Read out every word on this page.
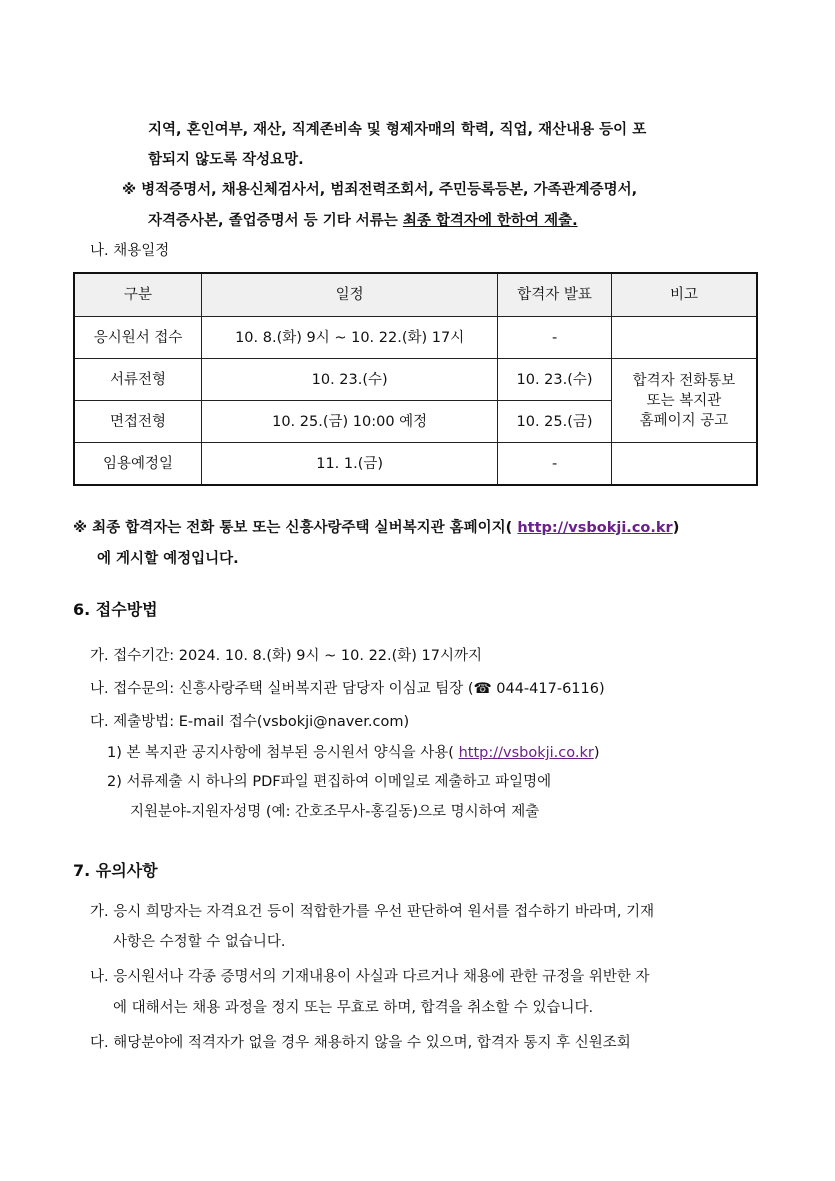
지역, 혼인여부, 재산, 직계존비속 및 형제자매의 학력, 직업, 재산내용 등이 포
함되지 않도록 작성요망.
※ 병적증명서, 채용신체검사서, 범죄전력조회서, 주민등록등본, 가족관계증명서,
자격증사본, 졸업증명서 등 기타 서류는 최종 합격자에 한하여 제출.
나. 채용일정
구분	일정	합격자 발표	비고
응시원서 접수	10. 8.(화) 9시 ~ 10. 22.(화) 17시	-	
서류전형	10. 23.(수)	10. 23.(수)	합격자 전화통보
또는 복지관
홈페이지 공고

면접전형	10. 25.(금) 10:00 예정	10. 25.(금)	
임용예정일	11. 1.(금)	-	
※ 최종 합격자는 전화 통보 또는 신흥사랑주택 실버복지관 홈페이지( http://vsbokji.co.kr)
에 게시할 예정입니다.
6. 접수방법
가. 접수기간: 2024. 10. 8.(화) 9시 ~ 10. 22.(화) 17시까지
나. 접수문의: 신흥사랑주택 실버복지관 담당자 이심교 팀장 (☎ 044-417-6116)
다. 제출방법: E-mail 접수(vsbokji@naver.com)
1) 본 복지관 공지사항에 첨부된 응시원서 양식을 사용( http://vsbokji.co.kr)
2) 서류제출 시 하나의 PDF파일 편집하여 이메일로 제출하고 파일명에
지원분야-지원자성명 (예: 간호조무사-홍길동)으로 명시하여 제출
7. 유의사항
가. 응시 희망자는 자격요건 등이 적합한가를 우선 판단하여 원서를 접수하기 바라며, 기재
사항은 수정할 수 없습니다.
나. 응시원서나 각종 증명서의 기재내용이 사실과 다르거나 채용에 관한 규정을 위반한 자
에 대해서는 채용 과정을 정지 또는 무효로 하며, 합격을 취소할 수 있습니다.
다. 해당분야에 적격자가 없을 경우 채용하지 않을 수 있으며, 합격자 통지 후 신원조회
